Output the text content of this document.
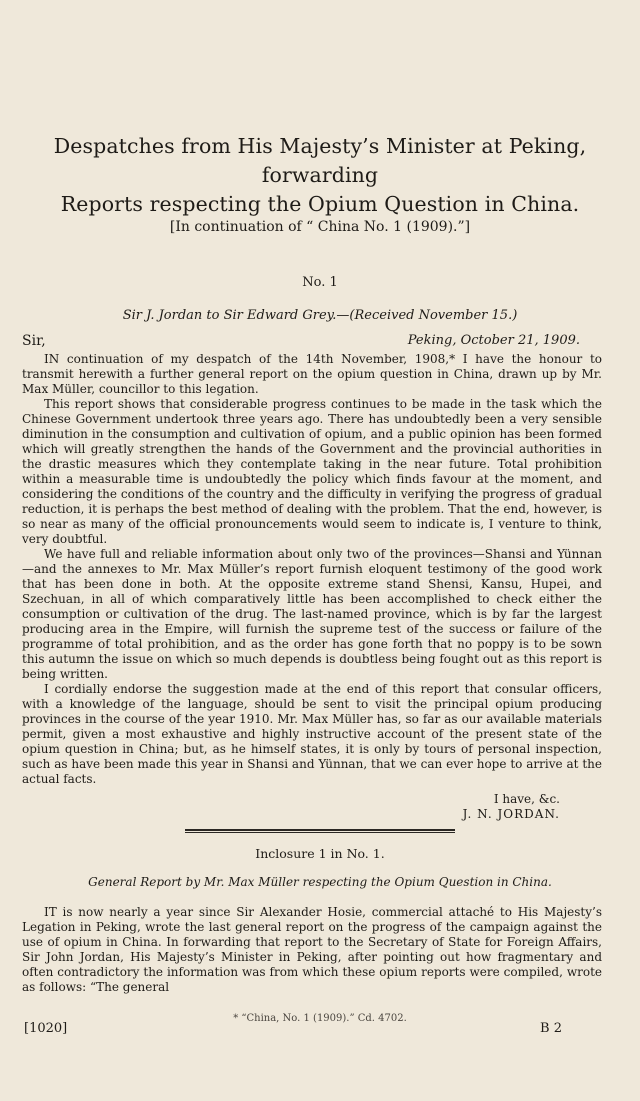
Despatches from His Majesty’s Minister at Peking, forwarding
Reports respecting the Opium Question in China.
[In continuation of “ China No. 1 (1909).”]
No. 1
Sir J. Jordan to Sir Edward Grey.—(Received November 15.)
Sir,	Peking, October 21, 1909.

IN continuation of my despatch of the 14th November, 1908,* I have the honour to transmit herewith a further general report on the opium question in China, drawn up by Mr. Max Müller, councillor to this legation.

This report shows that considerable progress continues to be made in the task which the Chinese Government undertook three years ago. There has undoubtedly been a very sensible diminution in the consumption and cultivation of opium, and a public opinion has been formed which will greatly strengthen the hands of the Government and the provincial authorities in the drastic measures which they contemplate taking in the near future. Total prohibition within a measurable time is undoubtedly the policy which finds favour at the moment, and considering the conditions of the country and the difficulty in verifying the progress of gradual reduction, it is perhaps the best method of dealing with the problem. That the end, however, is so near as many of the official pronouncements would seem to indicate is, I venture to think, very doubtful.

We have full and reliable information about only two of the provinces—Shansi and Yünnan—and the annexes to Mr. Max Müller’s report furnish eloquent testimony of the good work that has been done in both. At the opposite extreme stand Shensi, Kansu, Hupei, and Szechuan, in all of which comparatively little has been accomplished to check either the consumption or cultivation of the drug. The last-named province, which is by far the largest producing area in the Empire, will furnish the supreme test of the success or failure of the programme of total prohibition, and as the order has gone forth that no poppy is to be sown this autumn the issue on which so much depends is doubtless being fought out as this report is being written.

I cordially endorse the suggestion made at the end of this report that consular officers, with a knowledge of the language, should be sent to visit the principal opium producing provinces in the course of the year 1910. Mr. Max Müller has, so far as our available materials permit, given a most exhaustive and highly instructive account of the present state of the opium question in China; but, as he himself states, it is only by tours of personal inspection, such as have been made this year in Shansi and Yünnan, that we can ever hope to arrive at the actual facts.

I have, &c.
J. N. JORDAN.
Inclosure 1 in No. 1.
General Report by Mr. Max Müller respecting the Opium Question in China.

IT is now nearly a year since Sir Alexander Hosie, commercial attaché to His Majesty’s Legation in Peking, wrote the last general report on the progress of the campaign against the use of opium in China. In forwarding that report to the Secretary of State for Foreign Affairs, Sir John Jordan, His Majesty’s Minister in Peking, after pointing out how fragmentary and often contradictory the information was from which these opium reports were compiled, wrote as follows: “The general

* “China, No. 1 (1909).” Cd. 4702.
[1020]	B 2
